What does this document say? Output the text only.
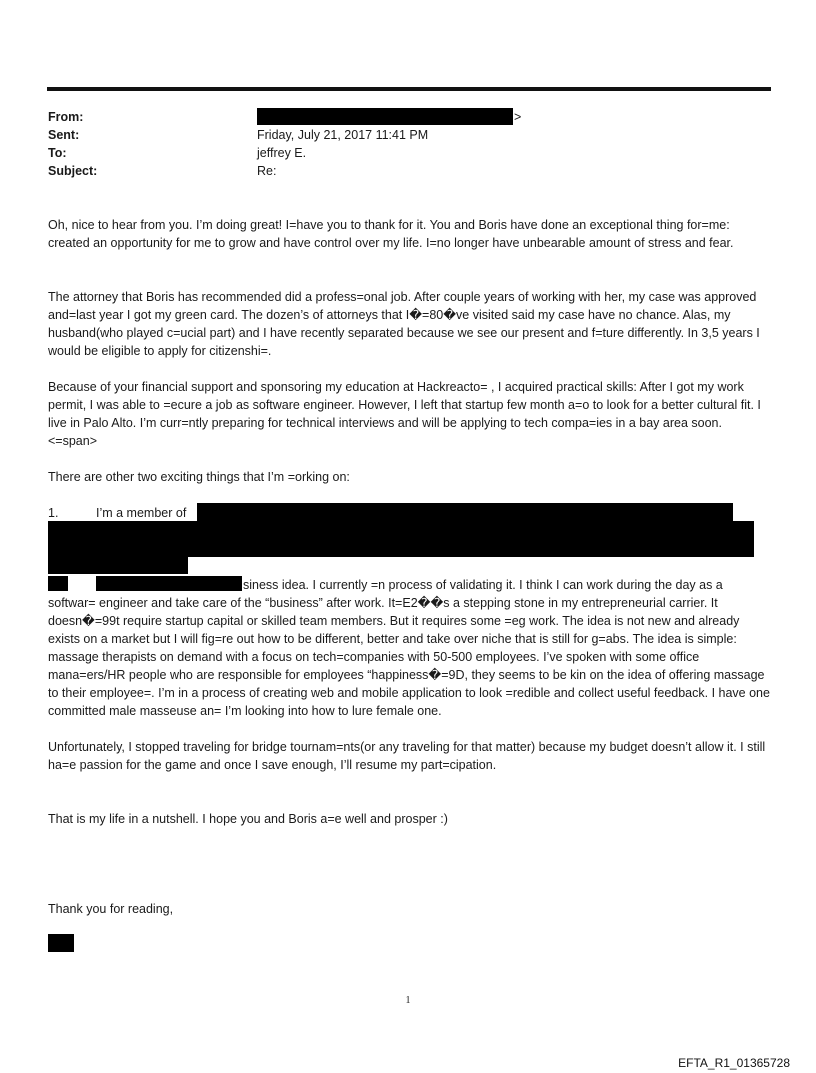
From:	>
Sent:	Friday, July 21, 2017 11:41 PM
To:	jeffrey E.
Subject:	Re:

Oh, nice to hear from you. I’m doing great! I=have you to thank for it. You and Boris have done an exceptional thing for=me: created an opportunity for me to grow and have control over my life. I=no longer have unbearable amount of stress and fear.

The attorney that Boris has recommended did a profess=onal job. After couple years of working with her, my case was approved and=last year I got my green card. The dozen’s of attorneys that I�=80�ve visited said my case have no chance. Alas, my husband(who played c=ucial part) and I have recently separated because we see our present and f=ture differently. In 3,5 years I would be eligible to apply for citizenshi=.

Because of your financial support and sponsoring my education at Hackreacto= , I acquired practical skills: After I got my work permit, I was able to =ecure a job as software engineer. However, I left that startup few month a=o to look for a better cultural fit. I live in Palo Alto. I’m curr=ntly preparing for technical interviews and will be applying to tech compa=ies in a bay area soon. <=span>

There are other two exciting things that I’m =orking on:

1.	I’m a member of
siness idea. I currently =n process of validating it. I think I can work during the day as a

softwar= engineer and take care of the “business” after work. It=E2��s a stepping stone in my entrepreneurial carrier. It doesn�=99t require startup capital or skilled team members. But it requires some =eg work. The idea is not new and already exists on a market but I will fig=re out how to be different, better and take over niche that is still for g=abs. The idea is simple: massage therapists on demand with a focus on tech=companies with 50-500 employees. I’ve spoken with some office mana=ers/HR people who are responsible for employees “happiness�=9D, they seems to be kin on the idea of offering massage to their employee=. I’m in a process of creating web and mobile application to look =redible and collect useful feedback. I have one committed male masseuse an= I’m looking into how to lure female one.

Unfortunately, I stopped traveling for bridge tournam=nts(or any traveling for that matter) because my budget doesn’t allow it. I still ha=e passion for the game and once I save enough, I’ll resume my part=cipation.

That is my life in a nutshell. I hope you and Boris a=e well and prosper :)

Thank you for reading,

1
EFTA_R1_01365728
